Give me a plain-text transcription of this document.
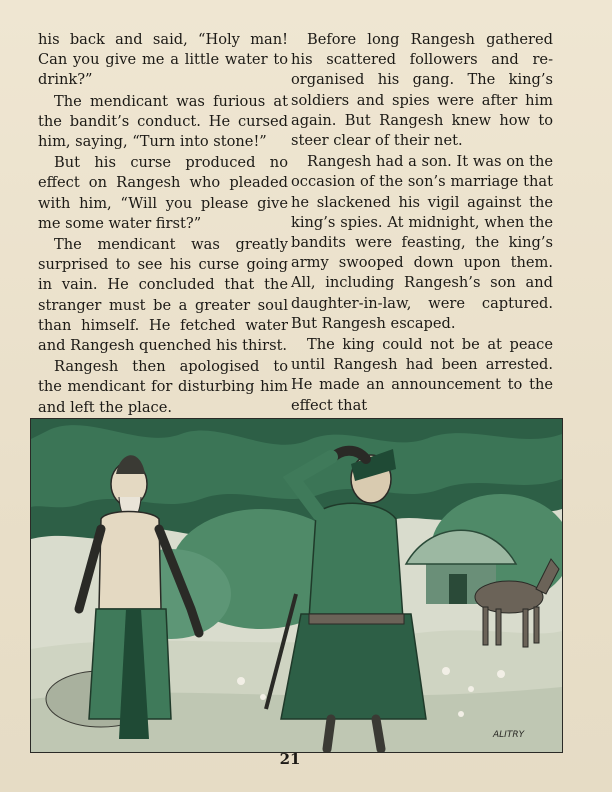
his back and said, “Holy man! Can you give me a little water to drink?”

The mendicant was furious at the bandit’s conduct. He cursed him, saying, “Turn into stone!”

But his curse produced no effect on Rangesh who pleaded with him, “Will you please give me some water first?”

The mendicant was greatly surprised to see his curse going in vain. He concluded that the stranger must be a greater soul than himself. He fetched water and Rangesh quenched his thirst.

Rangesh then apologised to the mendicant for disturbing him and left the place.

Before long Rangesh gathered his scattered followers and re-organised his gang. The king’s soldiers and spies were after him again. But Rangesh knew how to steer clear of their net.

Rangesh had a son. It was on the occasion of the son’s marriage that he slackened his vigil against the king’s spies. At midnight, when the bandits were feasting, the king’s army swooped down upon them. All, including Rangesh’s son and daughter-in-law, were captured. But Rangesh escaped.

The king could not be at peace until Rangesh had been arrested. He made an announcement to the effect that

ALITRY
21
